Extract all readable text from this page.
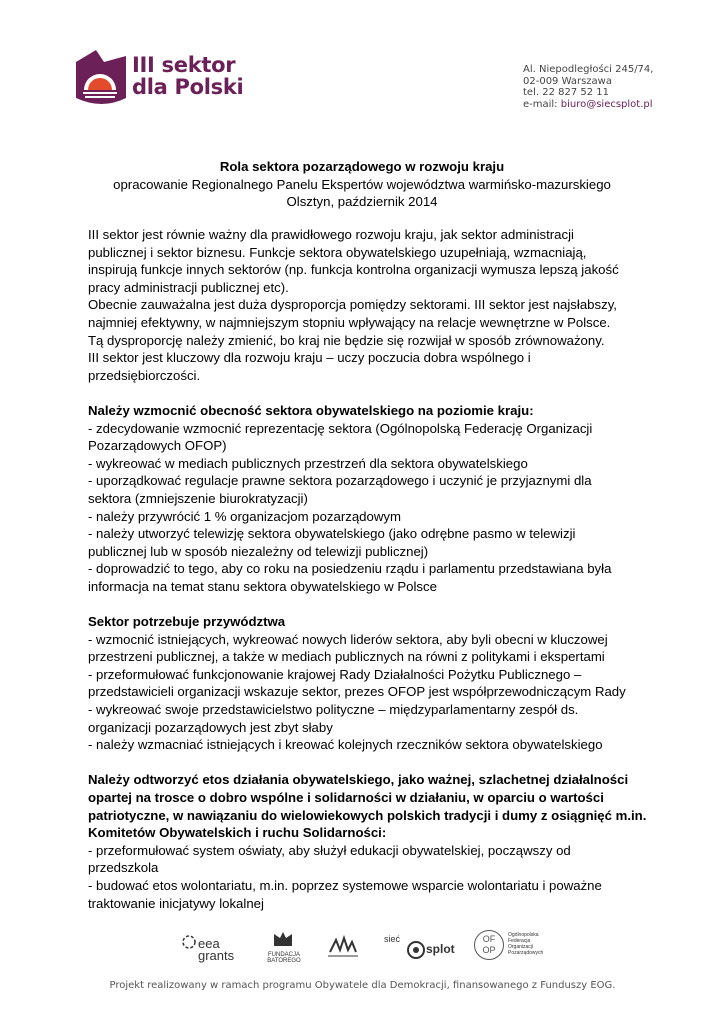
III sektor
dla Polski
Al. Niepodległości 245/74,
02-009 Warszawa
tel. 22 827 52 11
e-mail: biuro@siecsplot.pl
Rola sektora pozarządowego w rozwoju kraju
opracowanie Regionalnego Panelu Ekspertów województwa warmińsko-mazurskiego
Olsztyn, październik 2014

III sektor jest równie ważny dla prawidłowego rozwoju kraju, jak sektor administracji

publicznej i sektor biznesu. Funkcje sektora obywatelskiego uzupełniają, wzmacniają,

inspirują funkcje innych sektorów (np. funkcja kontrolna organizacji wymusza lepszą jakość

pracy administracji publicznej etc).

Obecnie zauważalna jest duża dysproporcja pomiędzy sektorami. III sektor jest najsłabszy,

najmniej efektywny, w najmniejszym stopniu wpływający na relacje wewnętrzne w Polsce.

Tą dysproporcję należy zmienić, bo kraj nie będzie się rozwijał w sposób zrównoważony.

III sektor jest kluczowy dla rozwoju kraju – uczy poczucia dobra wspólnego i

przedsiębiorczości.

Należy wzmocnić obecność sektora obywatelskiego na poziomie kraju:

- zdecydowanie wzmocnić reprezentację sektora (Ogólnopolską Federację Organizacji

Pozarządowych OFOP)

- wykreować w mediach publicznych przestrzeń dla sektora obywatelskiego

- uporządkować regulacje prawne sektora pozarządowego i uczynić je przyjaznymi dla

sektora (zmniejszenie biurokratyzacji)

- należy przywrócić 1 % organizacjom pozarządowym

- należy utworzyć telewizję sektora obywatelskiego (jako odrębne pasmo w telewizji

publicznej lub w sposób niezależny od telewizji publicznej)

- doprowadzić to tego, aby co roku na posiedzeniu rządu i parlamentu przedstawiana była

informacja na temat stanu sektora obywatelskiego w Polsce

Sektor potrzebuje przywództwa

- wzmocnić istniejących, wykreować nowych liderów sektora, aby byli obecni w kluczowej

przestrzeni publicznej, a także w mediach publicznych na równi z politykami i ekspertami

- przeformułować funkcjonowanie krajowej Rady Działalności Pożytku Publicznego –

przedstawicieli organizacji wskazuje sektor, prezes OFOP jest współprzewodniczącym Rady

- wykreować swoje przedstawicielstwo polityczne – międzyparlamentarny zespół ds.

organizacji pozarządowych jest zbyt słaby

- należy wzmacniać istniejących i kreować kolejnych rzeczników sektora obywatelskiego

Należy odtworzyć etos działania obywatelskiego, jako ważnej, szlachetnej działalności

opartej na trosce o dobro wspólne i solidarności w działaniu, w oparciu o wartości

patriotyczne, w nawiązaniu do wielowiekowych polskich tradycji i dumy z osiągnięć m.in.

Komitetów Obywatelskich i ruchu Solidarności:

- przeformułować system oświaty, aby służył edukacji obywatelskiej, począwszy od

przedszkola

- budować etos wolontariatu, m.in. poprzez systemowe wsparcie wolontariatu i poważne

traktowanie inicjatywy lokalnej

eea
grants	FUNDACJA
BATOREGO
sieć
splot
OF
OP
Ogólnopolska
Federacja
Organizacji
Pozarządowych
Projekt realizowany w ramach programu Obywatele dla Demokracji, finansowanego z Funduszy EOG.
